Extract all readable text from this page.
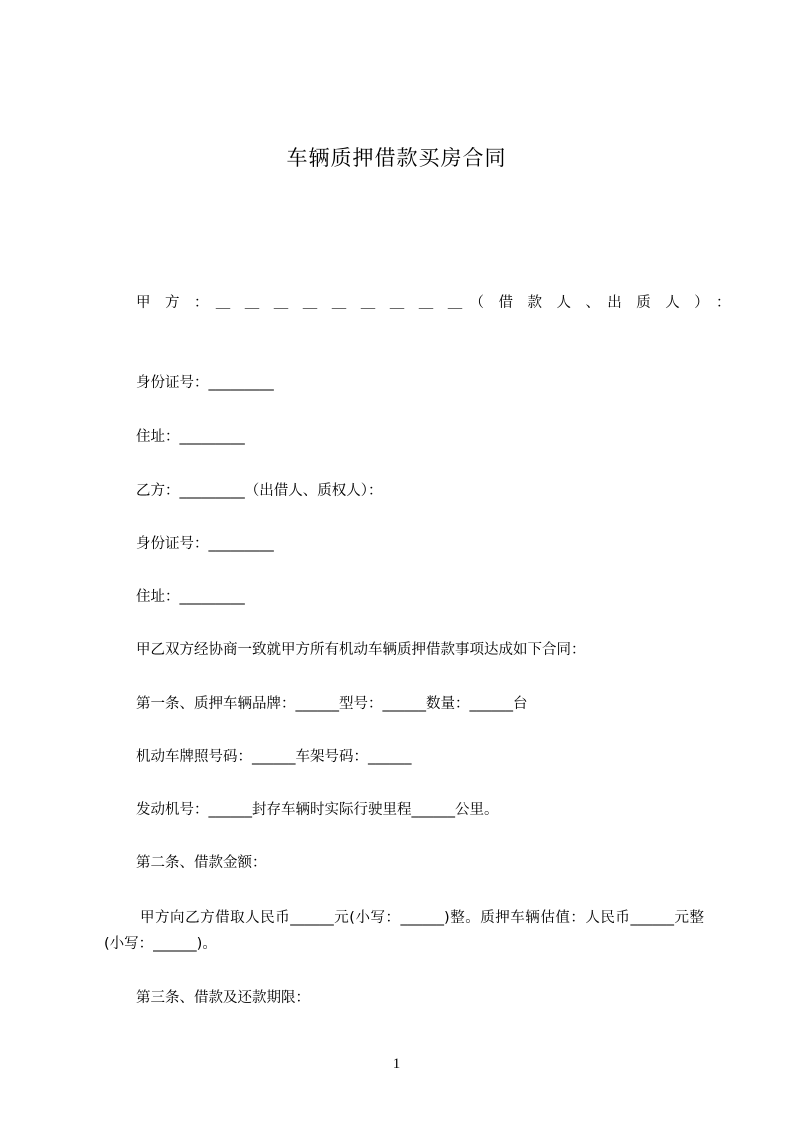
车辆质押借款买房合同
甲　方　：　＿　＿　＿　＿　＿　＿　＿　＿　＿　（　借　款　人　、　出　质　人　）　：
身份证号：_________
住址：_________
乙方：_________（出借人、质权人）：
身份证号：_________
住址：_________
甲乙双方经协商一致就甲方所有机动车辆质押借款事项达成如下合同：
第一条、质押车辆品牌：______型号：______数量：______台
机动车牌照号码：______车架号码：______
发动机号：______封存车辆时实际行驶里程______公里。
第二条、借款金额：
甲方向乙方借取人民币______元(小写：______)整。质押车辆估值：人民币______元整(小写：______)。
第三条、借款及还款期限：
1
